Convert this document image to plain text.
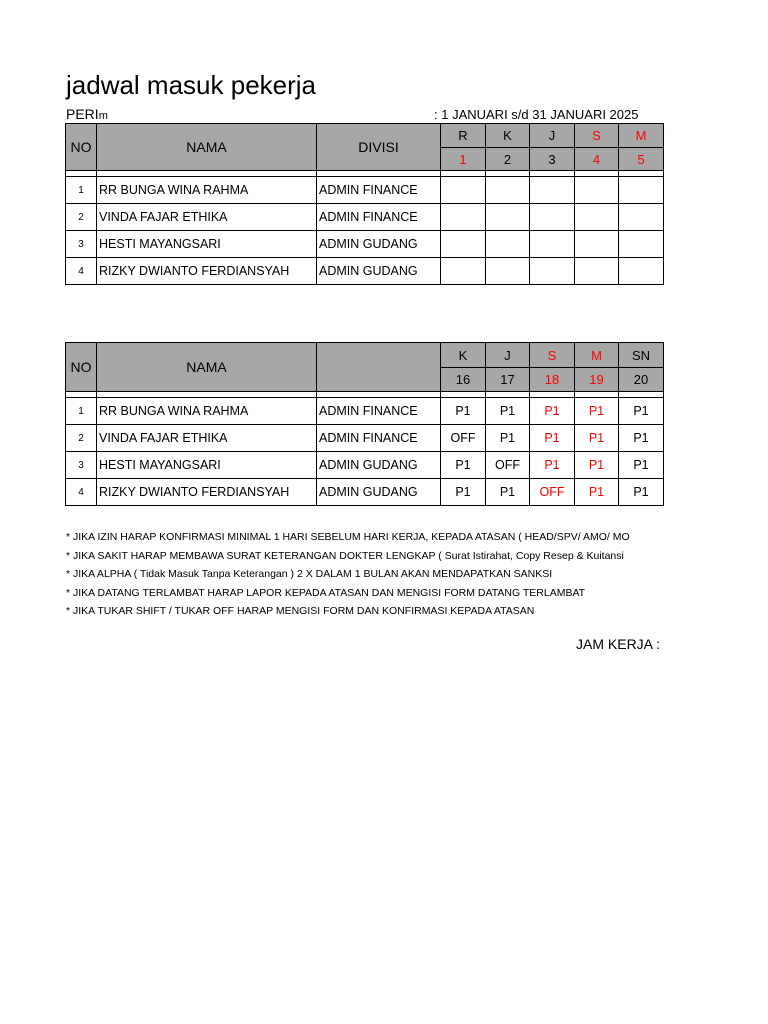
jadwal masuk pekerja
PERIm	: 1 JANUARI s/d 31 JANUARI 2025
NO	NAMA	DIVISI	R	K	J	S	M
			1	2	3	4	5

1	RR BUNGA WINA RAHMA	ADMIN FINANCE					
2	VINDA FAJAR ETHIKA	ADMIN FINANCE					
3	HESTI MAYANGSARI	ADMIN GUDANG					
4	RIZKY DWIANTO FERDIANSYAH	ADMIN GUDANG					
NO	NAMA		K	J	S	M	SN
			16	17	18	19	20

1	RR BUNGA WINA RAHMA	ADMIN FINANCE	P1	P1	P1	P1	P1
2	VINDA FAJAR ETHIKA	ADMIN FINANCE	OFF	P1	P1	P1	P1
3	HESTI MAYANGSARI	ADMIN GUDANG	P1	OFF	P1	P1	P1
4	RIZKY DWIANTO FERDIANSYAH	ADMIN GUDANG	P1	P1	OFF	P1	P1
* JIKA IZIN HARAP KONFIRMASI MINIMAL 1 HARI SEBELUM HARI KERJA, KEPADA ATASAN ( HEAD/SPV/ AMO/ MO
* JIKA SAKIT HARAP MEMBAWA SURAT KETERANGAN DOKTER LENGKAP ( Surat Istirahat, Copy Resep & Kuitansi
* JIKA ALPHA ( Tidak Masuk Tanpa Keterangan ) 2 X DALAM 1 BULAN AKAN MENDAPATKAN SANKSI
* JIKA DATANG TERLAMBAT HARAP LAPOR KEPADA ATASAN DAN MENGISI FORM DATANG TERLAMBAT
* JIKA TUKAR SHIFT / TUKAR OFF HARAP MENGISI FORM DAN KONFIRMASI KEPADA ATASAN
JAM KERJA :
